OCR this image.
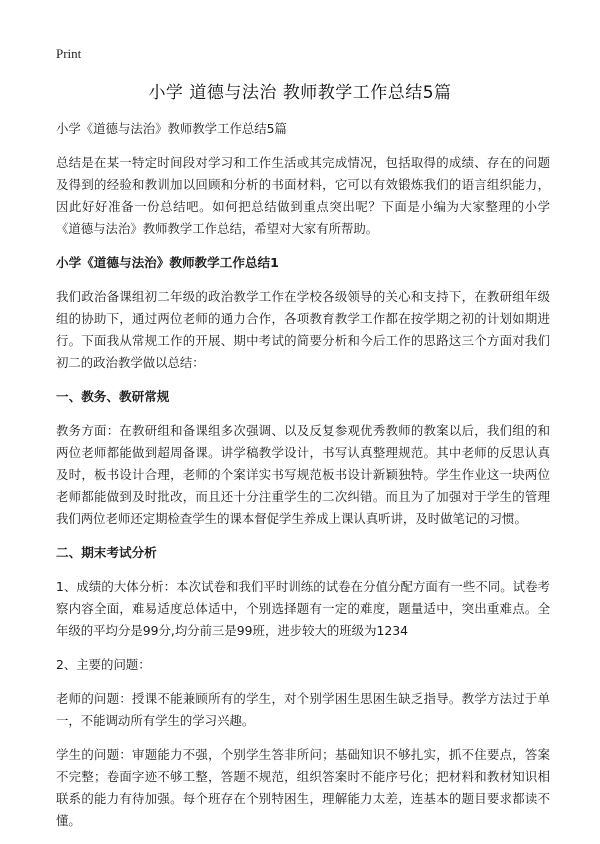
Print
小学 道德与法治 教师教学工作总结5篇
小学《道德与法治》教师教学工作总结5篇

总结是在某一特定时间段对学习和工作生活或其完成情况，包括取得的成绩、存在的问题及得到的经验和教训加以回顾和分析的书面材料，它可以有效锻炼我们的语言组织能力，因此好好准备一份总结吧。如何把总结做到重点突出呢？下面是小编为大家整理的小学《道德与法治》教师教学工作总结，希望对大家有所帮助。

小学《道德与法治》教师教学工作总结1

我们政治备课组初二年级的政治教学工作在学校各级领导的关心和支持下，在教研组年级组的协助下，通过两位老师的通力合作，各项教育教学工作都在按学期之初的计划如期进行。下面我从常规工作的开展、期中考试的简要分析和今后工作的思路这三个方面对我们初二的政治教学做以总结：

一、教务、教研常规

教务方面：在教研组和备课组多次强调、以及反复参观优秀教师的教案以后，我们组的和两位老师都能做到超周备课。讲学稿教学设计，书写认真整理规范。其中老师的反思认真及时，板书设计合理，老师的个案详实书写规范板书设计新颖独特。学生作业这一块两位老师都能做到及时批改，而且还十分注重学生的二次纠错。而且为了加强对于学生的管理我们两位老师还定期检查学生的课本督促学生养成上课认真听讲，及时做笔记的习惯。

二、期末考试分析

1、成绩的大体分析：本次试卷和我们平时训练的试卷在分值分配方面有一些不同。试卷考察内容全面，难易适度总体适中，个别选择题有一定的难度，题量适中，突出重难点。全年级的平均分是99分,均分前三是99班，进步较大的班级为1234

2、主要的问题：

老师的问题：授课不能兼顾所有的学生，对个别学困生思困生缺乏指导。教学方法过于单一，不能调动所有学生的学习兴趣。

学生的问题：审题能力不强，个别学生答非所问；基础知识不够扎实，抓不住要点，答案不完整；卷面字迹不够工整，答题不规范，组织答案时不能序号化；把材料和教材知识相联系的能力有待加强。每个班存在个别特困生，理解能力太差，连基本的题目要求都读不懂。
